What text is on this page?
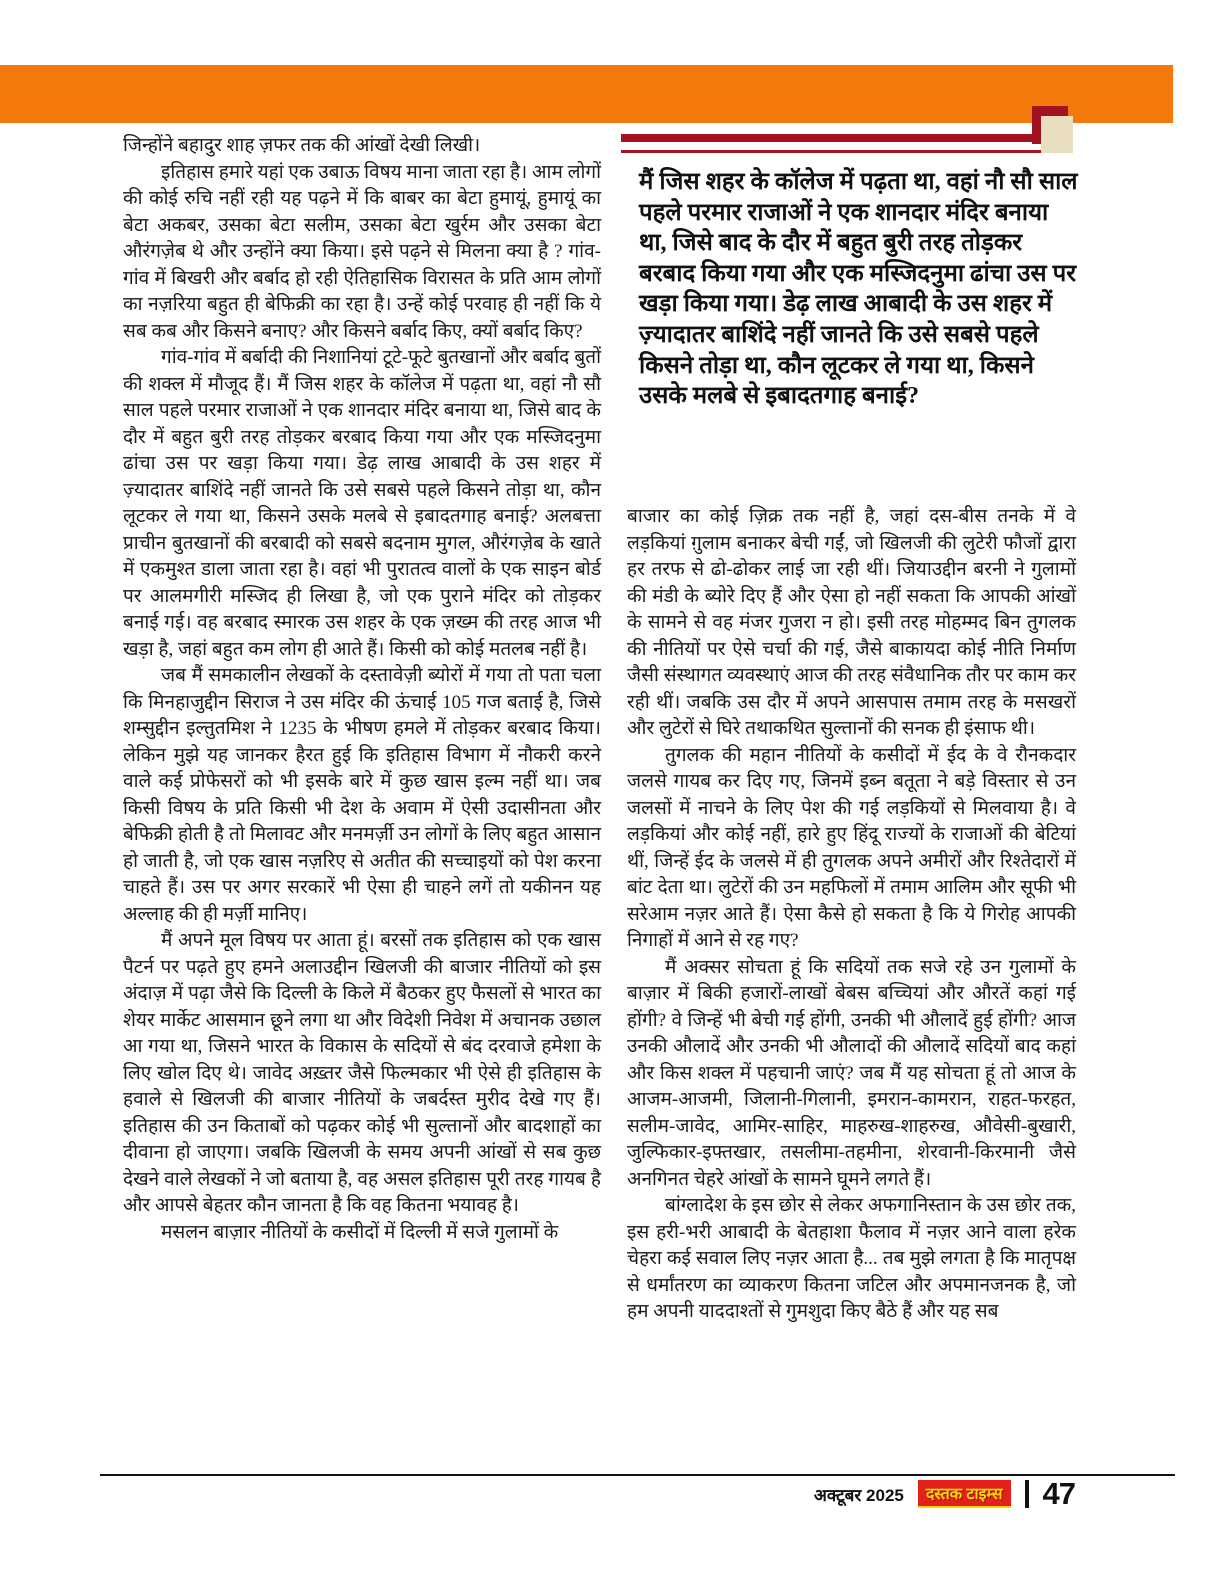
जिन्होंने बहादुर शाह ज़फर तक की आंखों देखी लिखी।

इतिहास हमारे यहां एक उबाऊ विषय माना जाता रहा है। आम लोगों की कोई रुचि नहीं रही यह पढ़ने में कि बाबर का बेटा हुमायूं, हुमायूं का बेटा अकबर, उसका बेटा सलीम, उसका बेटा खुर्रम और उसका बेटा औरंगज़ेब थे और उन्होंने क्या किया। इसे पढ़ने से मिलना क्या है ? गांव-गांव में बिखरी और बर्बाद हो रही ऐतिहासिक विरासत के प्रति आम लोगों का नज़रिया बहुत ही बेफिक्री का रहा है। उन्हें कोई परवाह ही नहीं कि ये सब कब और किसने बनाए? और किसने बर्बाद किए, क्यों बर्बाद किए?

गांव-गांव में बर्बादी की निशानियां टूटे-फूटे बुतखानों और बर्बाद बुतों की शक्ल में मौजूद हैं। मैं जिस शहर के कॉलेज में पढ़ता था, वहां नौ सौ साल पहले परमार राजाओं ने एक शानदार मंदिर बनाया था, जिसे बाद के दौर में बहुत बुरी तरह तोड़कर बरबाद किया गया और एक मस्जिदनुमा ढांचा उस पर खड़ा किया गया। डेढ़ लाख आबादी के उस शहर में ज़्यादातर बाशिंदे नहीं जानते कि उसे सबसे पहले किसने तोड़ा था, कौन लूटकर ले गया था, किसने उसके मलबे से इबादतगाह बनाई? अलबत्ता प्राचीन बुतखानों की बरबादी को सबसे बदनाम मुगल, औरंगज़ेब के खाते में एकमुश्त डाला जाता रहा है। वहां भी पुरातत्व वालों के एक साइन बोर्ड पर आलमगीरी मस्जिद ही लिखा है, जो एक पुराने मंदिर को तोड़कर बनाई गई। वह बरबाद स्मारक उस शहर के एक ज़ख्म की तरह आज भी खड़ा है, जहां बहुत कम लोग ही आते हैं। किसी को कोई मतलब नहीं है।

जब मैं समकालीन लेखकों के दस्तावेज़ी ब्योरों में गया तो पता चला कि मिनहाजुद्दीन सिराज ने उस मंदिर की ऊंचाई 105 गज बताई है, जिसे शम्सुद्दीन इल्तुतमिश ने 1235 के भीषण हमले में तोड़कर बरबाद किया। लेकिन मुझे यह जानकर हैरत हुई कि इतिहास विभाग में नौकरी करने वाले कई प्रोफेसरों को भी इसके बारे में कुछ खास इल्म नहीं था। जब किसी विषय के प्रति किसी भी देश के अवाम में ऐसी उदासीनता और बेफिक्री होती है तो मिलावट और मनमर्ज़ी उन लोगों के लिए बहुत आसान हो जाती है, जो एक खास नज़रिए से अतीत की सच्चाइयों को पेश करना चाहते हैं। उस पर अगर सरकारें भी ऐसा ही चाहने लगें तो यकीनन यह अल्लाह की ही मर्ज़ी मानिए।

मैं अपने मूल विषय पर आता हूं। बरसों तक इतिहास को एक खास पैटर्न पर पढ़ते हुए हमने अलाउद्दीन खिलजी की बाजार नीतियों को इस अंदाज़ में पढ़ा जैसे कि दिल्ली के किले में बैठकर हुए फैसलों से भारत का शेयर मार्केट आसमान छूने लगा था और विदेशी निवेश में अचानक उछाल आ गया था, जिसने भारत के विकास के सदियों से बंद दरवाजे हमेशा के लिए खोल दिए थे। जावेद अख़्तर जैसे फिल्मकार भी ऐसे ही इतिहास के हवाले से खिलजी की बाजार नीतियों के जबर्दस्त मुरीद देखे गए हैं। इतिहास की उन किताबों को पढ़कर कोई भी सुल्तानों और बादशाहों का दीवाना हो जाएगा। जबकि खिलजी के समय अपनी आंखों से सब कुछ देखने वाले लेखकों ने जो बताया है, वह असल इतिहास पूरी तरह गायब है और आपसे बेहतर कौन जानता है कि वह कितना भयावह है।

मसलन बाज़ार नीतियों के कसीदों में दिल्ली में सजे गुलामों के

मैं जिस शहर के कॉलेज में पढ़ता था, वहां नौ सौ साल पहले परमार राजाओं ने एक शानदार मंदिर बनाया था, जिसे बाद के दौर में बहुत बुरी तरह तोड़कर बरबाद किया गया और एक मस्जिदनुमा ढांचा उस पर खड़ा किया गया। डेढ़ लाख आबादी के उस शहर में ज़्यादातर बाशिंदे नहीं जानते कि उसे सबसे पहले किसने तोड़ा था, कौन लूटकर ले गया था, किसने उसके मलबे से इबादतगाह बनाई?

बाजार का कोई ज़िक्र तक नहीं है, जहां दस-बीस तनके में वे लड़कियां ग़ुलाम बनाकर बेची गईं, जो खिलजी की लुटेरी फौजों द्वारा हर तरफ से ढो-ढोकर लाई जा रही थीं। जियाउद्दीन बरनी ने गुलामों की मंडी के ब्योरे दिए हैं और ऐसा हो नहीं सकता कि आपकी आंखों के सामने से वह मंजर गुजरा न हो। इसी तरह मोहम्मद बिन तुगलक की नीतियों पर ऐसे चर्चा की गई, जैसे बाकायदा कोई नीति निर्माण जैसी संस्थागत व्यवस्थाएं आज की तरह संवैधानिक तौर पर काम कर रही थीं। जबकि उस दौर में अपने आसपास तमाम तरह के मसखरों और लुटेरों से घिरे तथाकथित सुल्तानों की सनक ही इंसाफ थी।

तुगलक की महान नीतियों के कसीदों में ईद के वे रौनकदार जलसे गायब कर दिए गए, जिनमें इब्न बतूता ने बड़े विस्तार से उन जलसों में नाचने के लिए पेश की गई लड़कियों से मिलवाया है। वे लड़कियां और कोई नहीं, हारे हुए हिंदू राज्यों के राजाओं की बेटियां थीं, जिन्हें ईद के जलसे में ही तुगलक अपने अमीरों और रिश्तेदारों में बांट देता था। लुटेरों की उन महफिलों में तमाम आलिम और सूफी भी सरेआम नज़र आते हैं। ऐसा कैसे हो सकता है कि ये गिरोह आपकी निगाहों में आने से रह गए?

मैं अक्सर सोचता हूं कि सदियों तक सजे रहे उन गुलामों के बाज़ार में बिकी हजारों-लाखों बेबस बच्चियां और औरतें कहां गई होंगी? वे जिन्हें भी बेची गई होंगी, उनकी भी औलादें हुई होंगी? आज उनकी औलादें और उनकी भी औलादों की औलादें सदियों बाद कहां और किस शक्ल में पहचानी जाएं? जब मैं यह सोचता हूं तो आज के आजम-आजमी, जिलानी-गिलानी, इमरान-कामरान, राहत-फरहत, सलीम-जावेद, आमिर-साहिर, माहरुख-शाहरुख, औवेसी-बुखारी, जुल्फिकार-इफ्तखार, तसलीमा-तहमीना, शेरवानी-किरमानी जैसे अनगिनत चेहरे आंखों के सामने घूमने लगते हैं।

बांग्लादेश के इस छोर से लेकर अफगानिस्तान के उस छोर तक, इस हरी-भरी आबादी के बेतहाशा फैलाव में नज़र आने वाला हरेक चेहरा कई सवाल लिए नज़र आता है... तब मुझे लगता है कि मातृपक्ष से धर्मांतरण का व्याकरण कितना जटिल और अपमानजनक है, जो हम अपनी याददाश्तों से गुमशुदा किए बैठे हैं और यह सब

अक्टूबर 2025	दस्तक टाइम्स 47
